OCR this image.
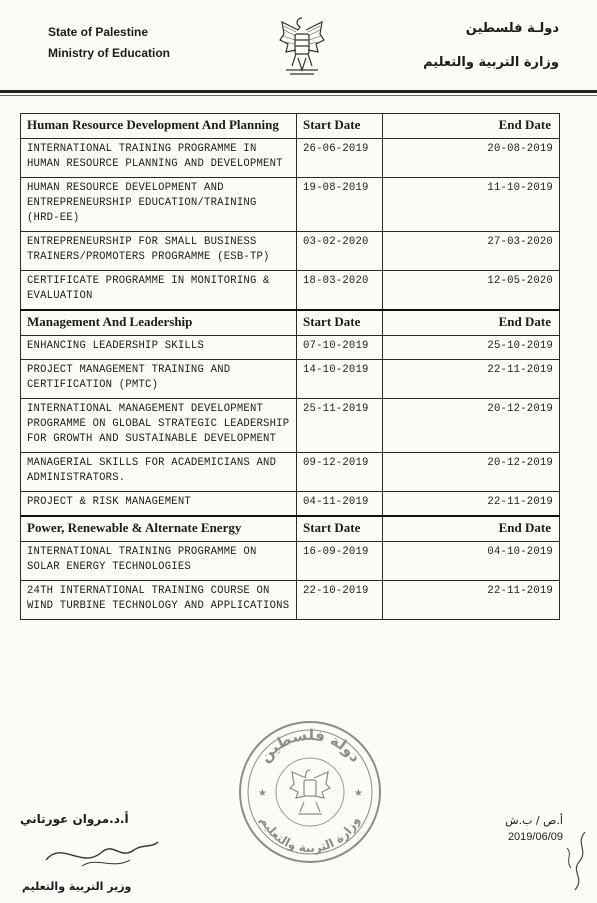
State of Palestine
Ministry of Education
دولـة فلسطين
وزارة التربية والتعليم
Human Resource Development And Planning	Start Date	End Date
INTERNATIONAL TRAINING PROGRAMME IN HUMAN RESOURCE PLANNING AND DEVELOPMENT	26-06-2019	20-08-2019
HUMAN RESOURCE DEVELOPMENT AND ENTREPRENEURSHIP EDUCATION/TRAINING (HRD-EE)	19-08-2019	11-10-2019
ENTREPRENEURSHIP FOR SMALL BUSINESS TRAINERS/PROMOTERS PROGRAMME (ESB-TP)	03-02-2020	27-03-2020
CERTIFICATE PROGRAMME IN MONITORING & EVALUATION	18-03-2020	12-05-2020
Management And Leadership	Start Date	End Date
ENHANCING LEADERSHIP SKILLS	07-10-2019	25-10-2019
PROJECT MANAGEMENT TRAINING AND CERTIFICATION (PMTC)	14-10-2019	22-11-2019
INTERNATIONAL MANAGEMENT DEVELOPMENT PROGRAMME ON GLOBAL STRATEGIC LEADERSHIP FOR GROWTH AND SUSTAINABLE DEVELOPMENT	25-11-2019	20-12-2019
MANAGERIAL SKILLS FOR ACADEMICIANS AND ADMINISTRATORS.	09-12-2019	20-12-2019
PROJECT & RISK MANAGEMENT	04-11-2019	22-11-2019
Power, Renewable & Alternate Energy	Start Date	End Date
INTERNATIONAL TRAINING PROGRAMME ON SOLAR ENERGY TECHNOLOGIES	16-09-2019	04-10-2019
24TH INTERNATIONAL TRAINING COURSE ON WIND TURBINE TECHNOLOGY AND APPLICATIONS	22-10-2019	22-11-2019
دولة فلسطين
وزارة التربية والتعليم
★	★
أ.د.مروان عورتاني
وزير التربية والتعليم
أ.ص / ب.ش
2019/06/09
